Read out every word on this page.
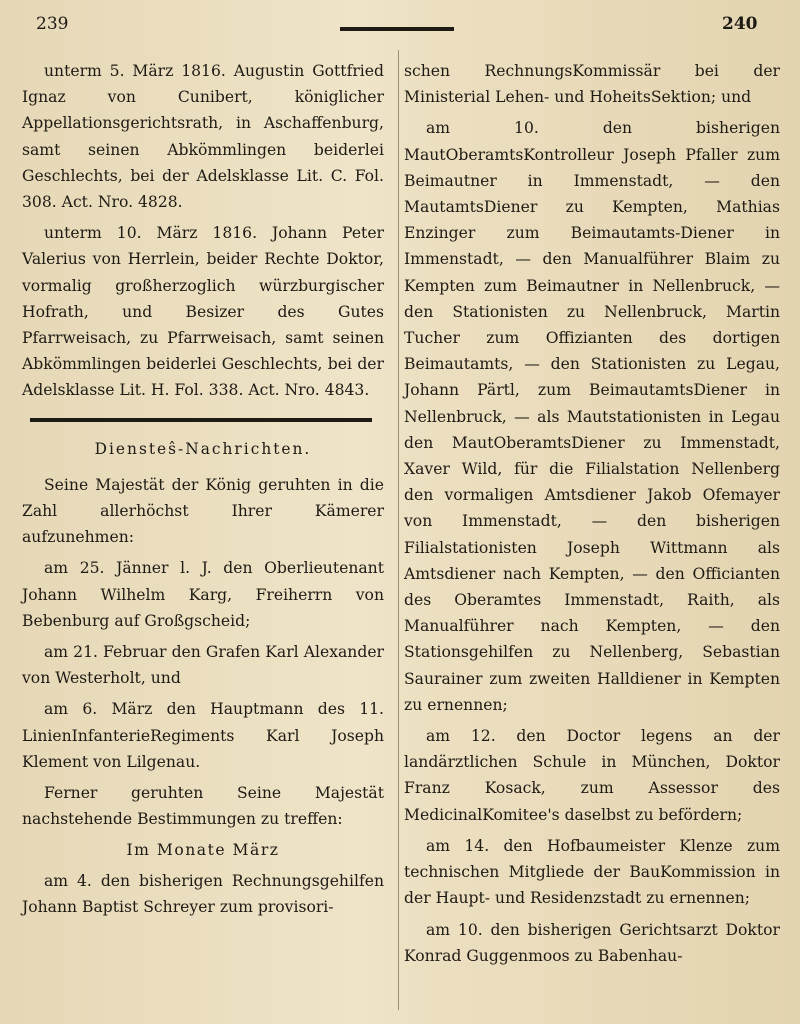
239	240

unterm 5. März 1816. Augustin Gottfried Ignaz von Cunibert, königlicher Appellationsgerichtsrath, in Aschaffenburg, samt seinen Abkömmlingen beiderlei Geschlechts, bei der Adelsklasse Lit. C. Fol. 308. Act. Nro. 4828.

unterm 10. März 1816. Johann Peter Valerius von Herrlein, beider Rechte Doktor, vormalig großherzoglich würzburgischer Hofrath, und Besizer des Gutes Pfarrweisach, zu Pfarrweisach, samt seinen Abkömmlingen beiderlei Geschlechts, bei der Adelsklasse Lit. H. Fol. 338. Act. Nro. 4843.

Diensteŝ-Nachrichten.

Seine Majestät der König geruhten in die Zahl allerhöchst Ihrer Kämerer aufzunehmen:

am 25. Jänner l. J. den Oberlieutenant Johann Wilhelm Karg, Freiherrn von Bebenburg auf Großgscheid;

am 21. Februar den Grafen Karl Alexander von Westerholt, und

am 6. März den Hauptmann des 11. LinienInfanterieRegiments Karl Joseph Klement von Lilgenau.

Ferner geruhten Seine Majestät nachstehende Bestimmungen zu treffen:

Im Monate März

am 4. den bisherigen Rechnungsgehilfen Johann Baptist Schreyer zum provisori-

schen RechnungsKommissär bei der Ministerial Lehen- und HoheitsSektion; und

am 10. den bisherigen MautOberamtsKontrolleur Joseph Pfaller zum Beimautner in Immenstadt, — den MautamtsDiener zu Kempten, Mathias Enzinger zum Beimautamts-Diener in Immenstadt, — den Manualführer Blaim zu Kempten zum Beimautner in Nellenbruck, — den Stationisten zu Nellenbruck, Martin Tucher zum Offizianten des dortigen Beimautamts, — den Stationisten zu Legau, Johann Pärtl, zum BeimautamtsDiener in Nellenbruck, — als Mautstationisten in Legau den MautOberamtsDiener zu Immenstadt, Xaver Wild, für die Filialstation Nellenberg den vormaligen Amtsdiener Jakob Ofemayer von Immenstadt, — den bisherigen Filialstationisten Joseph Wittmann als Amtsdiener nach Kempten, — den Officianten des Oberamtes Immenstadt, Raith, als Manualführer nach Kempten, — den Stationsgehilfen zu Nellenberg, Sebastian Saurainer zum zweiten Halldiener in Kempten zu ernennen;

am 12. den Doctor legens an der landärztlichen Schule in München, Doktor Franz Kosack, zum Assessor des MedicinalKomitee's daselbst zu befördern;

am 14. den Hofbaumeister Klenze zum technischen Mitgliede der BauKommission in der Haupt- und Residenzstadt zu ernennen;

am 10. den bisherigen Gerichtsarzt Doktor Konrad Guggenmoos zu Babenhau-
